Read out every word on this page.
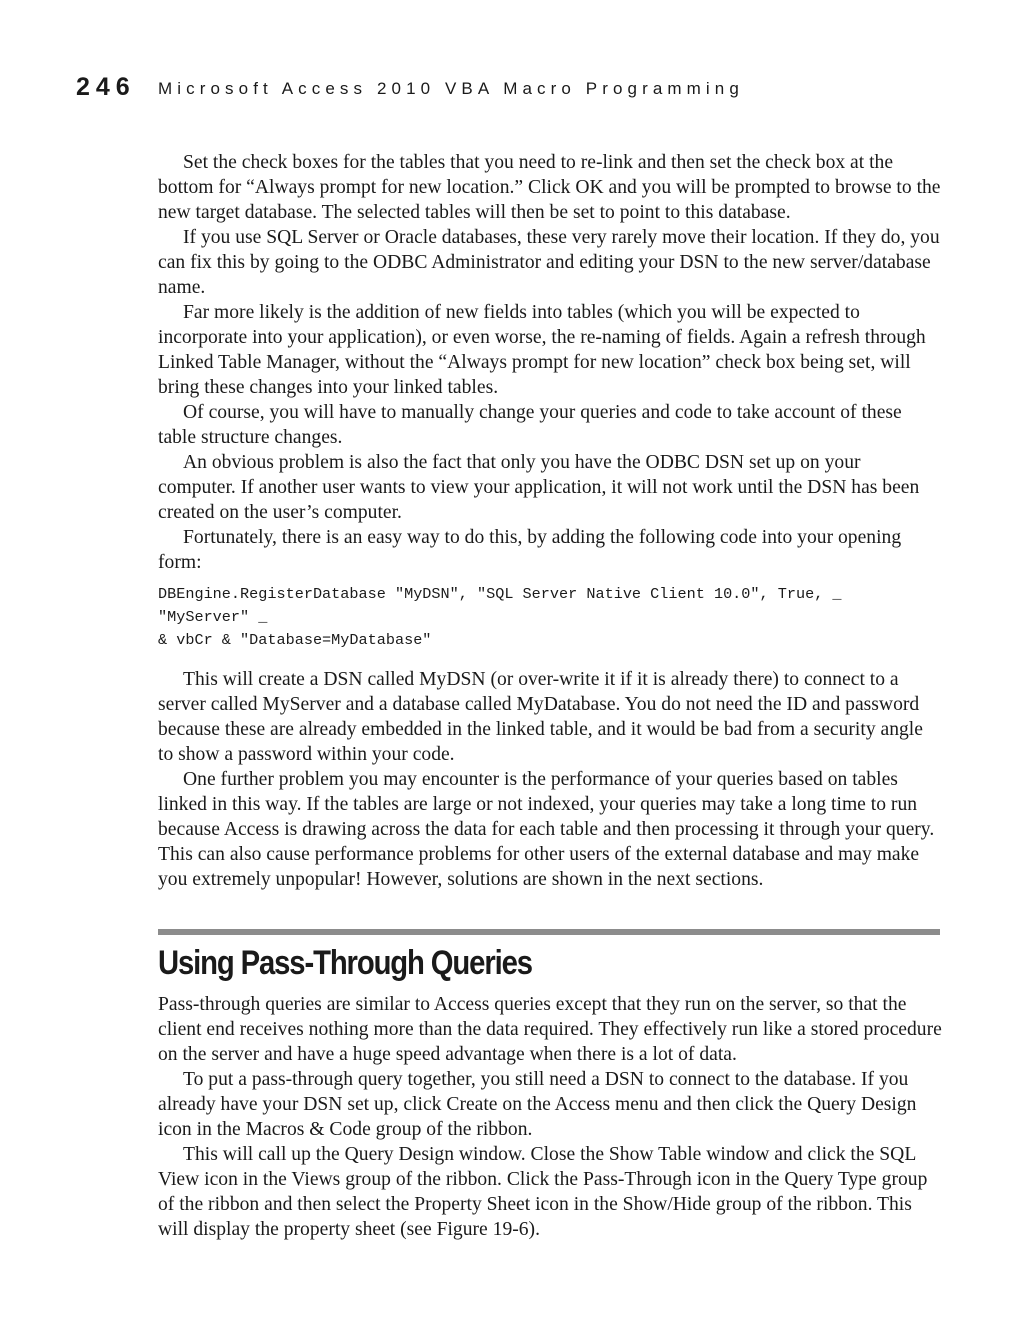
246 Microsoft Access 2010 VBA Macro Programming

Set the check boxes for the tables that you need to re-link and then set the check box at the bottom for “Always prompt for new location.” Click OK and you will be prompted to browse to the new target database. The selected tables will then be set to point to this database.

If you use SQL Server or Oracle databases, these very rarely move their location. If they do, you can fix this by going to the ODBC Administrator and editing your DSN to the new server/database name.

Far more likely is the addition of new fields into tables (which you will be expected to incorporate into your application), or even worse, the re-naming of fields. Again a refresh through Linked Table Manager, without the “Always prompt for new location” check box being set, will bring these changes into your linked tables.

Of course, you will have to manually change your queries and code to take account of these table structure changes.

An obvious problem is also the fact that only you have the ODBC DSN set up on your computer. If another user wants to view your application, it will not work until the DSN has been created on the user’s computer.

Fortunately, there is an easy way to do this, by adding the following code into your opening form:

DBEngine.RegisterDatabase "MyDSN", "SQL Server Native Client 10.0", True, _
"MyServer" _
& vbCr & "Database=MyDatabase"

This will create a DSN called MyDSN (or over-write it if it is already there) to connect to a server called MyServer and a database called MyDatabase. You do not need the ID and password because these are already embedded in the linked table, and it would be bad from a security angle to show a password within your code.

One further problem you may encounter is the performance of your queries based on tables linked in this way. If the tables are large or not indexed, your queries may take a long time to run because Access is drawing across the data for each table and then processing it through your query. This can also cause performance problems for other users of the external database and may make you extremely unpopular! However, solutions are shown in the next sections.

Using Pass-Through Queries

Pass-through queries are similar to Access queries except that they run on the server, so that the client end receives nothing more than the data required. They effectively run like a stored procedure on the server and have a huge speed advantage when there is a lot of data.

To put a pass-through query together, you still need a DSN to connect to the database. If you already have your DSN set up, click Create on the Access menu and then click the Query Design icon in the Macros & Code group of the ribbon.

This will call up the Query Design window. Close the Show Table window and click the SQL View icon in the Views group of the ribbon. Click the Pass-Through icon in the Query Type group of the ribbon and then select the Property Sheet icon in the Show/Hide group of the ribbon. This will display the property sheet (see Figure 19-6).
